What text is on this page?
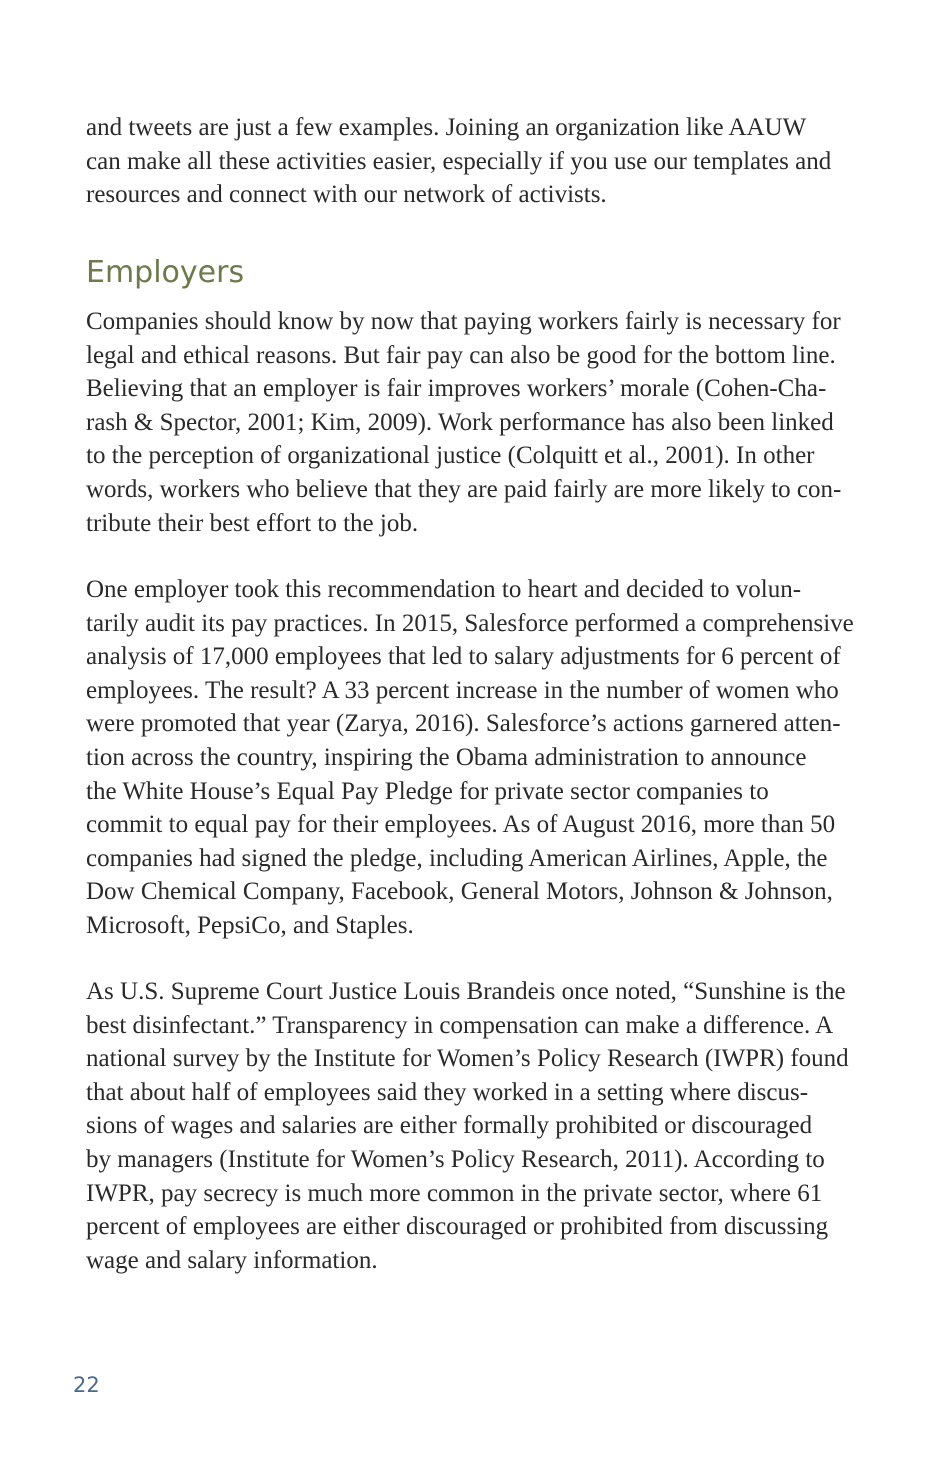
and tweets are just a few examples. Joining an organization like AAUW
can make all these activities easier, especially if you use our templates and
resources and connect with our network of activists.

Employers

Companies should know by now that paying workers fairly is necessary for
legal and ethical reasons. But fair pay can also be good for the bottom line.
Believing that an employer is fair improves workers’ morale (Cohen-Cha-
rash & Spector, 2001; Kim, 2009). Work performance has also been linked
to the perception of organizational justice (Colquitt et al., 2001). In other
words, workers who believe that they are paid fairly are more likely to con-
tribute their best effort to the job.

One employer took this recommendation to heart and decided to volun-
tarily audit its pay practices. In 2015, Salesforce performed a comprehensive
analysis of 17,000 employees that led to salary adjustments for 6 percent of
employees. The result? A 33 percent increase in the number of women who
were promoted that year (Zarya, 2016). Salesforce’s actions garnered atten-
tion across the country, inspiring the Obama administration to announce
the White House’s Equal Pay Pledge for private sector companies to
commit to equal pay for their employees. As of August 2016, more than 50
companies had signed the pledge, including American Airlines, Apple, the
Dow Chemical Company, Facebook, General Motors, Johnson & Johnson,
Microsoft, PepsiCo, and Staples.

As U.S. Supreme Court Justice Louis Brandeis once noted, “Sunshine is the
best disinfectant.” Transparency in compensation can make a difference. A
national survey by the Institute for Women’s Policy Research (IWPR) found
that about half of employees said they worked in a setting where discus-
sions of wages and salaries are either formally prohibited or discouraged
by managers (Institute for Women’s Policy Research, 2011). According to
IWPR, pay secrecy is much more common in the private sector, where 61
percent of employees are either discouraged or prohibited from discussing
wage and salary information.

22
